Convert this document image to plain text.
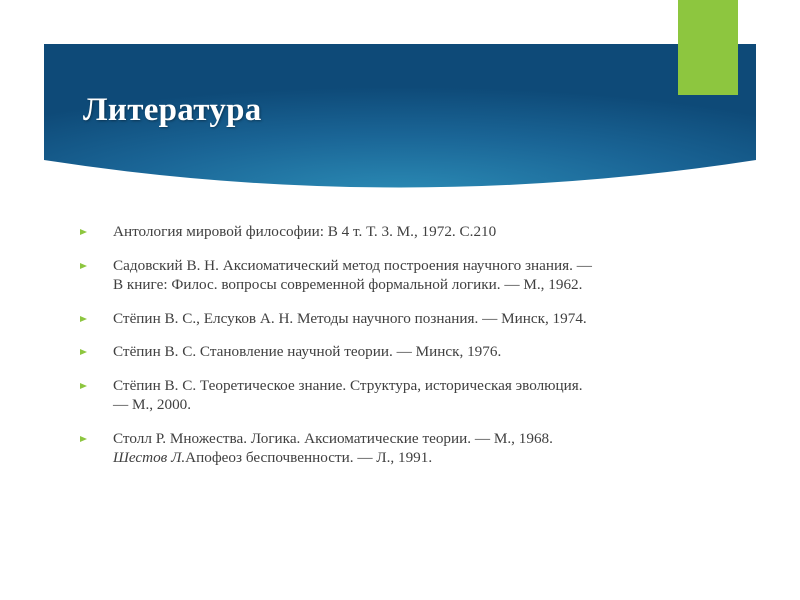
Литература
Антология мировой философии: В 4 т. Т. 3. М., 1972. С.210
Садовский В. Н. Аксиоматический метод построения научного знания. — В книге: Филос. вопросы современной формальной логики. — М., 1962.
Стёпин В. С., Елсуков А. Н. Методы научного познания. — Минск, 1974.
Стёпин В. С. Становление научной теории. — Минск, 1976.
Стёпин В. С. Теоретическое знание. Структура, историческая эволюция. — М., 2000.
Столл Р. Множества. Логика. Аксиоматические теории. — М., 1968. Шестов Л.Апофеоз беспочвенности. — Л., 1991.
